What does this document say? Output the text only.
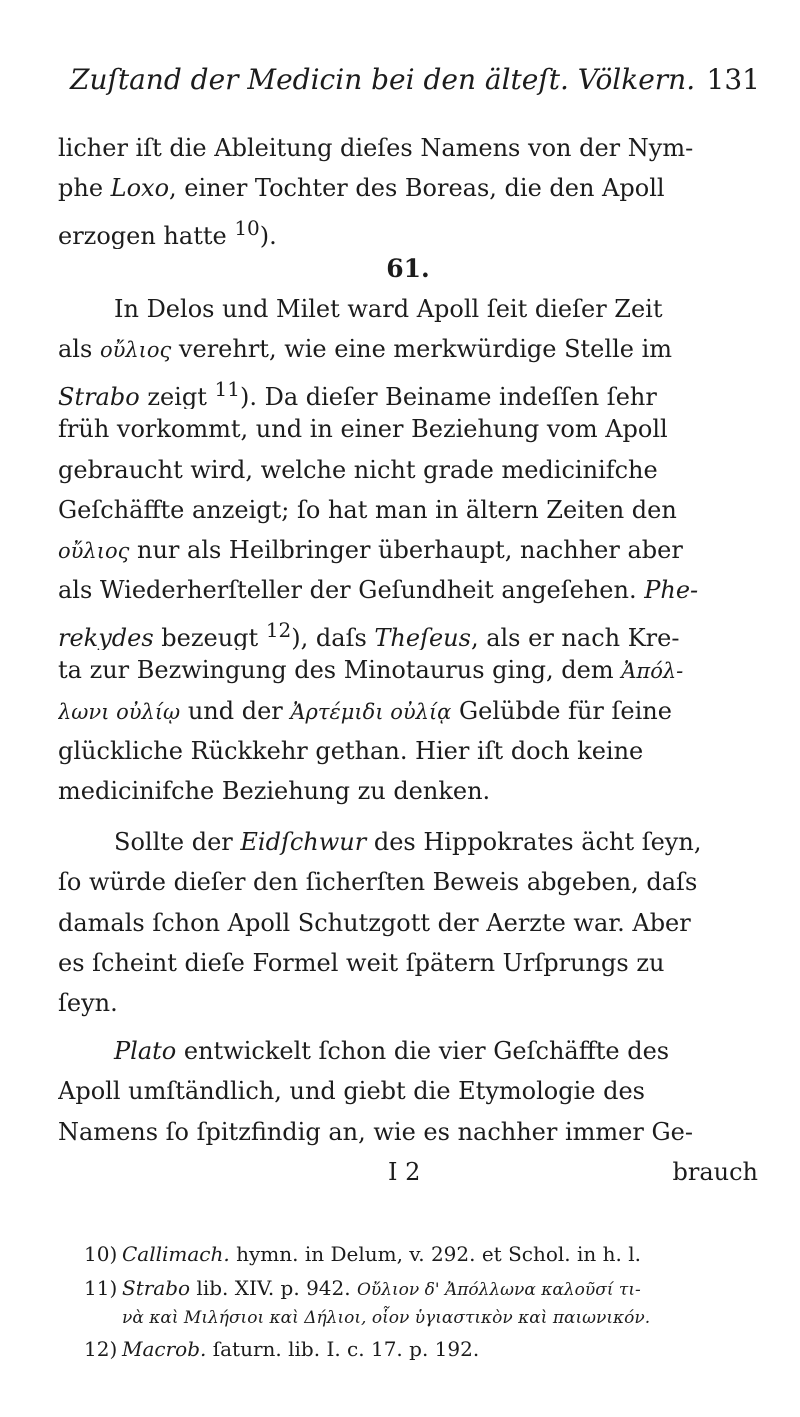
Zuſtand der Medicin bei den älteſt. Völkern. 131
licher iſt die Ableitung dieſes Namens von der Nym-
phe Loxo, einer Tochter des Boreas, die den Apoll
erzogen hatte $^{10}$).
61.
In Delos und Milet ward Apoll ſeit dieſer Zeit
als οὔλιος verehrt, wie eine merkwürdige Stelle im
Strabo zeigt $^{11}$). Da dieſer Beiname indeſſen ſehr
früh vorkommt, und in einer Beziehung vom Apoll
gebraucht wird, welche nicht grade medicinifche
Geſchäffte anzeigt; ſo hat man in ältern Zeiten den
οὔλιος nur als Heilbringer überhaupt, nachher aber
als Wiederherſteller der Geſundheit angeſehen. Phe-
rekydes bezeugt $^{12}$), daſs Theſeus, als er nach Kre-
ta zur Bezwingung des Minotaurus ging, dem Ἀπόλ-
λωνι οὐλίῳ und der Ἀρτέμιδι οὐλίᾳ Gelübde für ſeine
glückliche Rückkehr gethan. Hier iſt doch keine
medicinifche Beziehung zu denken.
Sollte der Eidſchwur des Hippokrates ächt ſeyn,
ſo würde dieſer den ſicherſten Beweis abgeben, daſs
damals ſchon Apoll Schutzgott der Aerzte war. Aber
es ſcheint dieſe Formel weit ſpätern Urſprungs zu
ſeyn.
Plato entwickelt ſchon die vier Geſchäffte des
Apoll umſtändlich, und giebt die Etymologie des
Namens ſo ſpitzfindig an, wie es nachher immer Ge-
I 2	brauch
10) Callimach. hymn. in Delum, v. 292. et Schol. in h. l.
11) Strabo lib. XIV. p. 942. Οὔλιον δ' Ἀπόλλωνα καλοῦσί τι-
νὰ καὶ Μιλήσιοι καὶ Δήλιοι, οἷον ὑγιαστικὸν καὶ παιωνικόν.
12) Macrob. ſaturn. lib. I. c. 17. p. 192.
